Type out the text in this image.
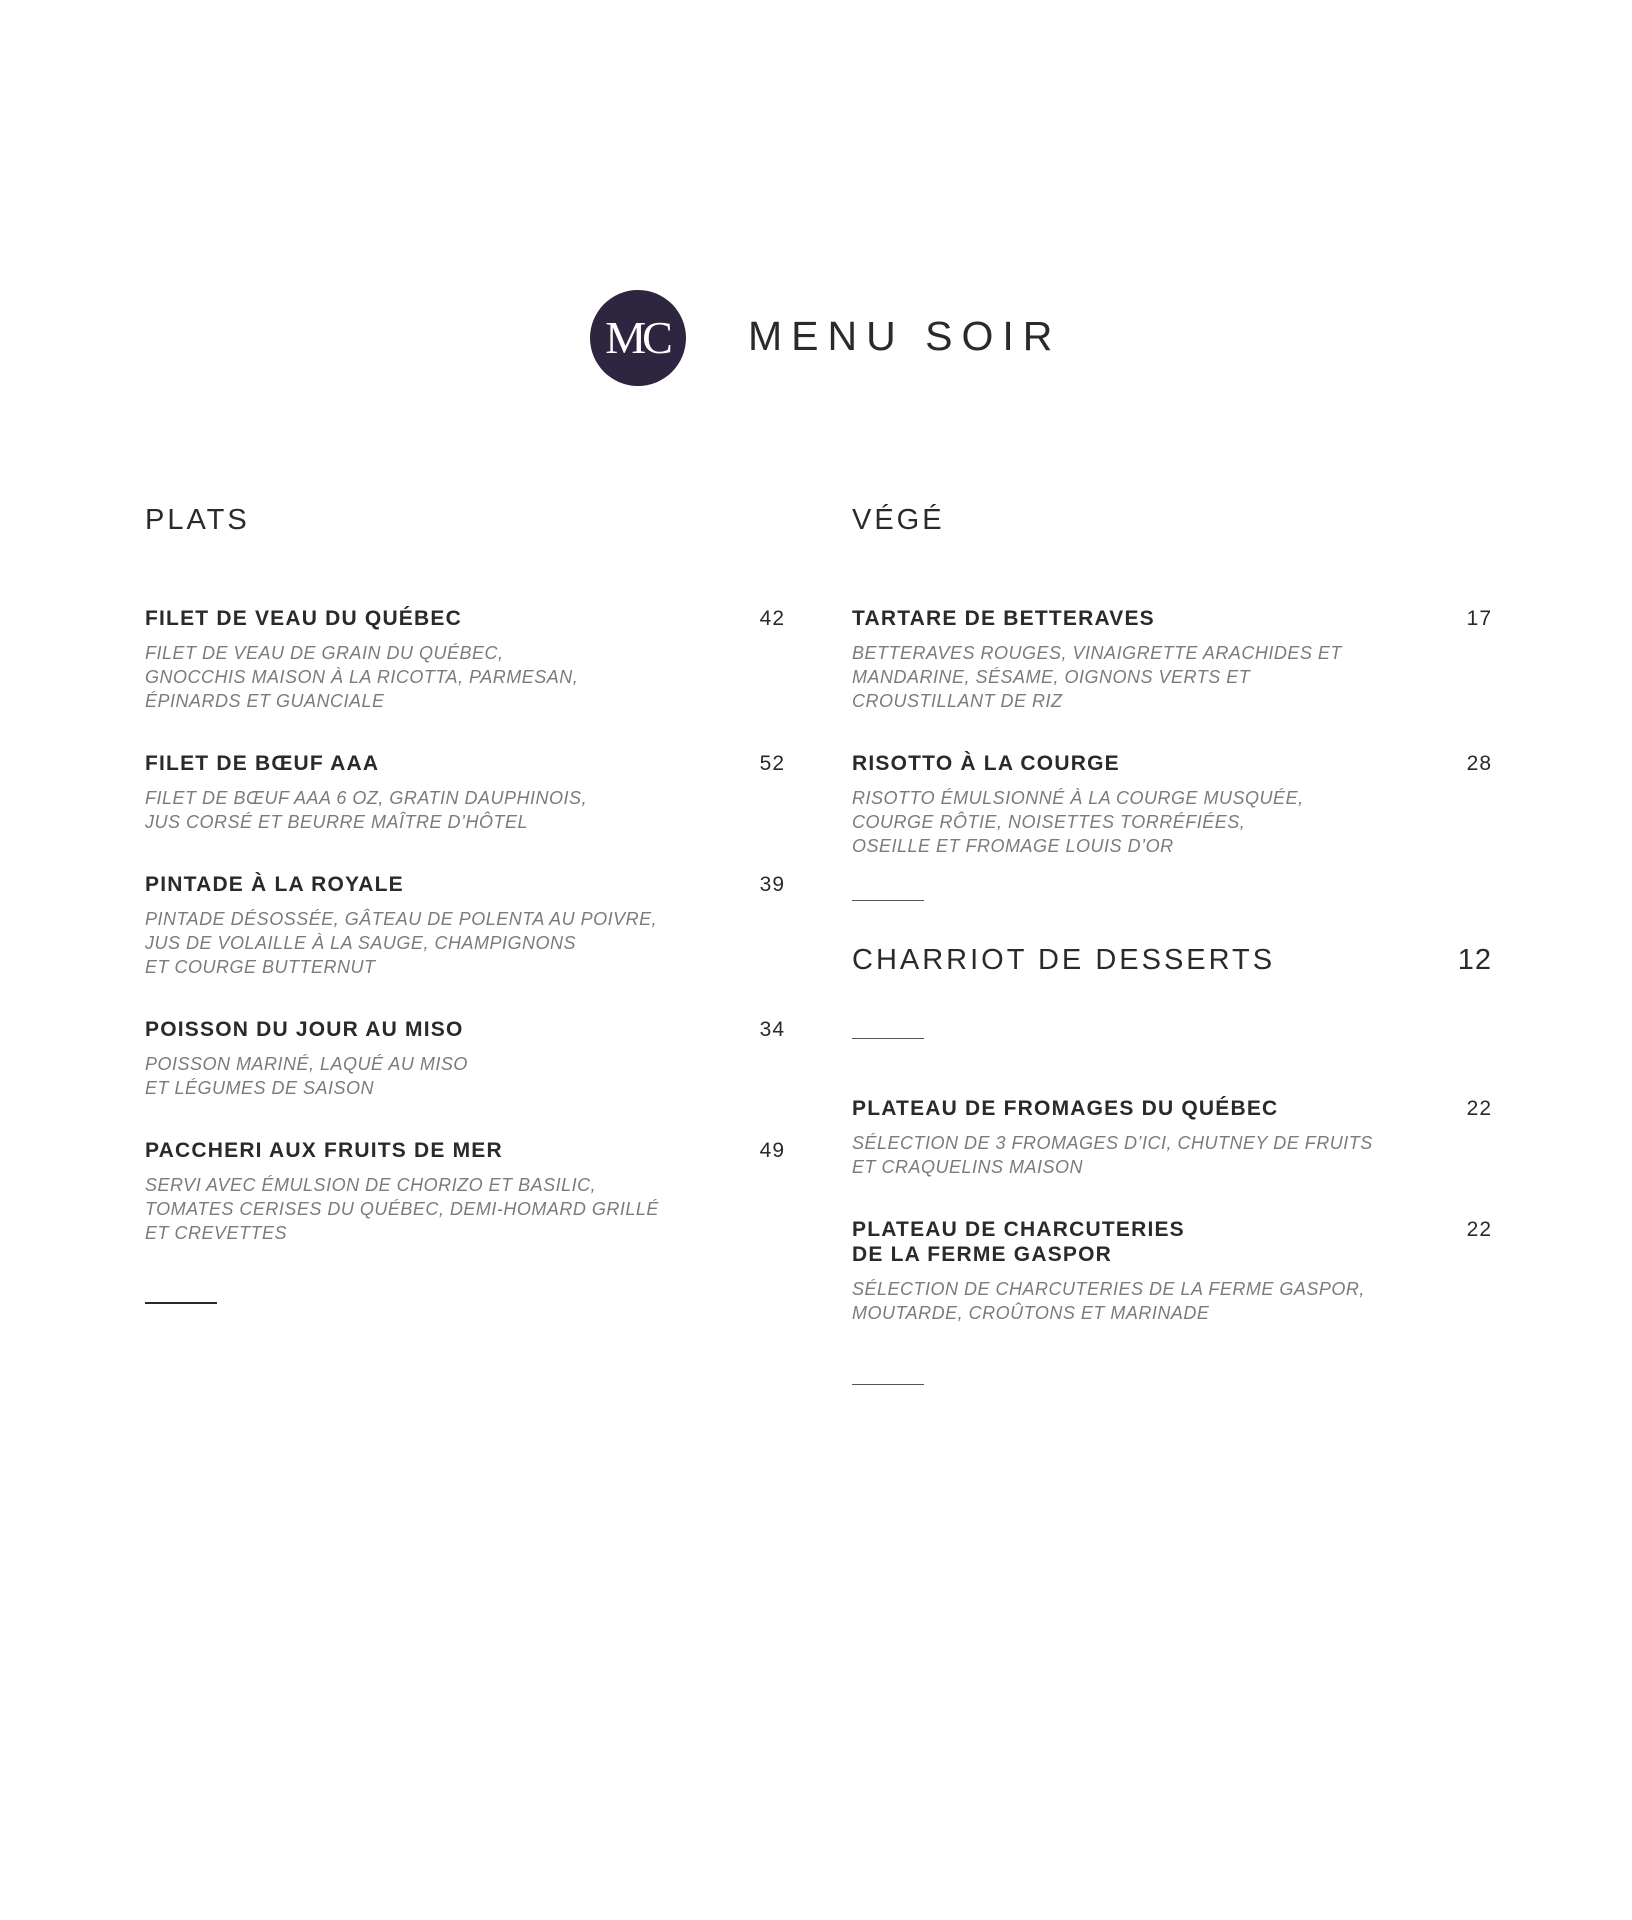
MC MENU SOIR
PLATS
FILET DE VEAU DU QUÉBEC	42
FILET DE VEAU DE GRAIN DU QUÉBEC,
GNOCCHIS MAISON À LA RICOTTA, PARMESAN,
ÉPINARDS ET GUANCIALE
FILET DE BŒUF AAA	52
FILET DE BŒUF AAA 6 OZ, GRATIN DAUPHINOIS,
JUS CORSÉ ET BEURRE MAÎTRE D’HÔTEL
PINTADE À LA ROYALE	39
PINTADE DÉSOSSÉE, GÂTEAU DE POLENTA AU POIVRE,
JUS DE VOLAILLE À LA SAUGE, CHAMPIGNONS
ET COURGE BUTTERNUT
POISSON DU JOUR AU MISO	34
POISSON MARINÉ, LAQUÉ AU MISO
ET LÉGUMES DE SAISON
PACCHERI AUX FRUITS DE MER	49
SERVI AVEC ÉMULSION DE CHORIZO ET BASILIC,
TOMATES CERISES DU QUÉBEC, DEMI-HOMARD GRILLÉ
ET CREVETTES
VÉGÉ
TARTARE DE BETTERAVES	17
BETTERAVES ROUGES, VINAIGRETTE ARACHIDES ET
MANDARINE, SÉSAME, OIGNONS VERTS ET
CROUSTILLANT DE RIZ
RISOTTO À LA COURGE	28
RISOTTO ÉMULSIONNÉ À LA COURGE MUSQUÉE,
COURGE RÔTIE, NOISETTES TORRÉFIÉES,
OSEILLE ET FROMAGE LOUIS D’OR
CHARRIOT DE DESSERTS	12
PLATEAU DE FROMAGES DU QUÉBEC	22
SÉLECTION DE 3 FROMAGES D’ICI, CHUTNEY DE FRUITS
ET CRAQUELINS MAISON
PLATEAU DE CHARCUTERIES
DE LA FERME GASPOR
22
SÉLECTION DE CHARCUTERIES DE LA FERME GASPOR,
MOUTARDE, CROÛTONS ET MARINADE
